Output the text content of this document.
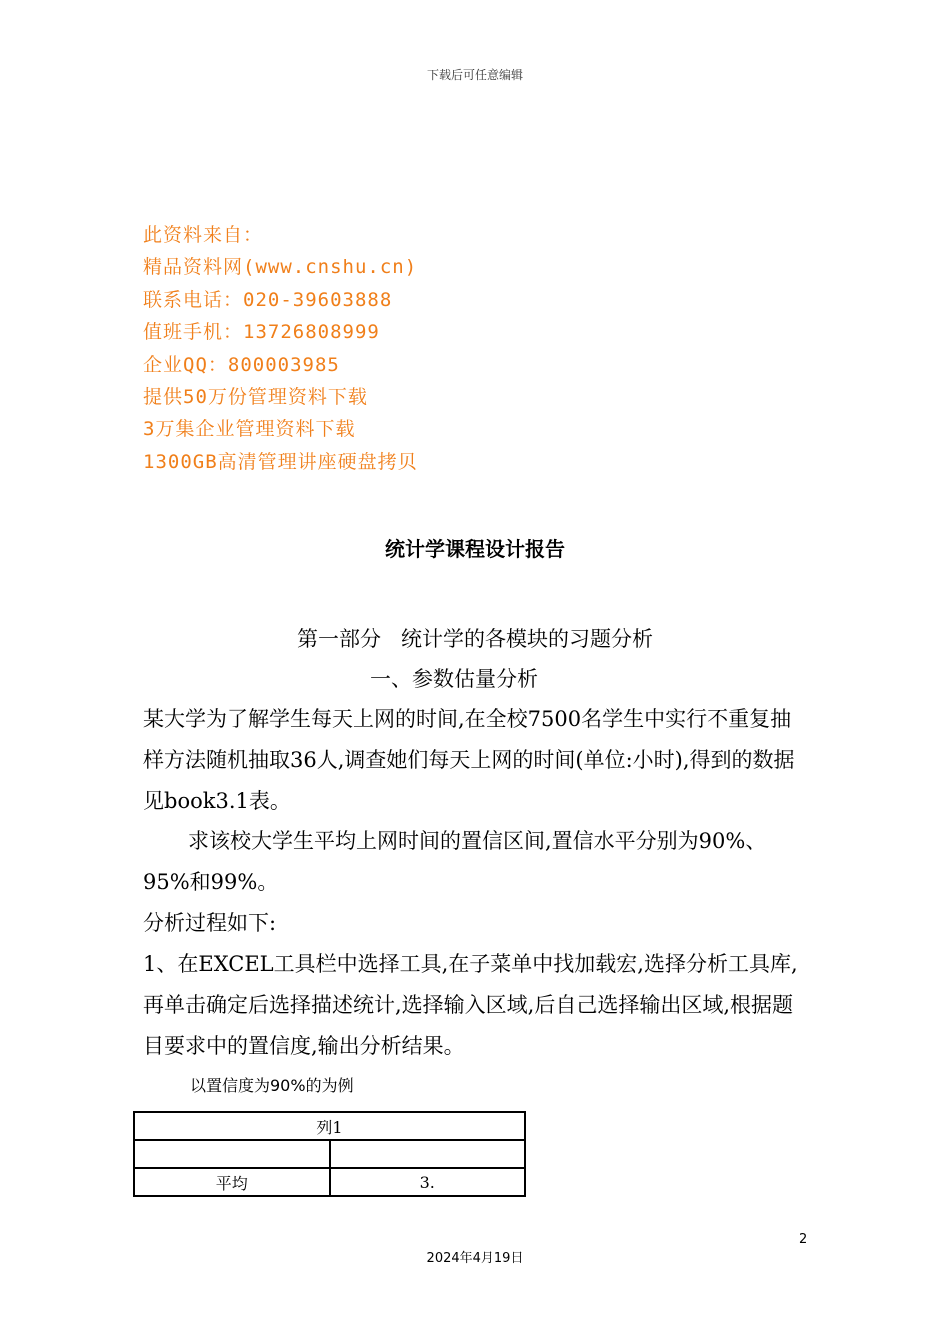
下载后可任意编辑
此资料来自：
精品资料网(www.cnshu.cn)
联系电话：020-39603888
值班手机：13726808999
企业QQ：800003985
提供50万份管理资料下载
3万集企业管理资料下载
1300GB高清管理讲座硬盘拷贝
统计学课程设计报告
第一部分   统计学的各模块的习题分析
一、参数估量分析
某大学为了解学生每天上网的时间,在全校7500名学生中实行不重复抽样方法随机抽取36人,调查她们每天上网的时间(单位:小时),得到的数据见book3.1表。
求该校大学生平均上网时间的置信区间,置信水平分别为90%、95%和99%。
分析过程如下:
1、在EXCEL工具栏中选择工具,在子菜单中找加载宏,选择分析工具库,再单击确定后选择描述统计,选择输入区域,后自己选择输出区域,根据题目要求中的置信度,输出分析结果。
以置信度为90%的为例
列1	

平均	3.
2
2024年4月19日
